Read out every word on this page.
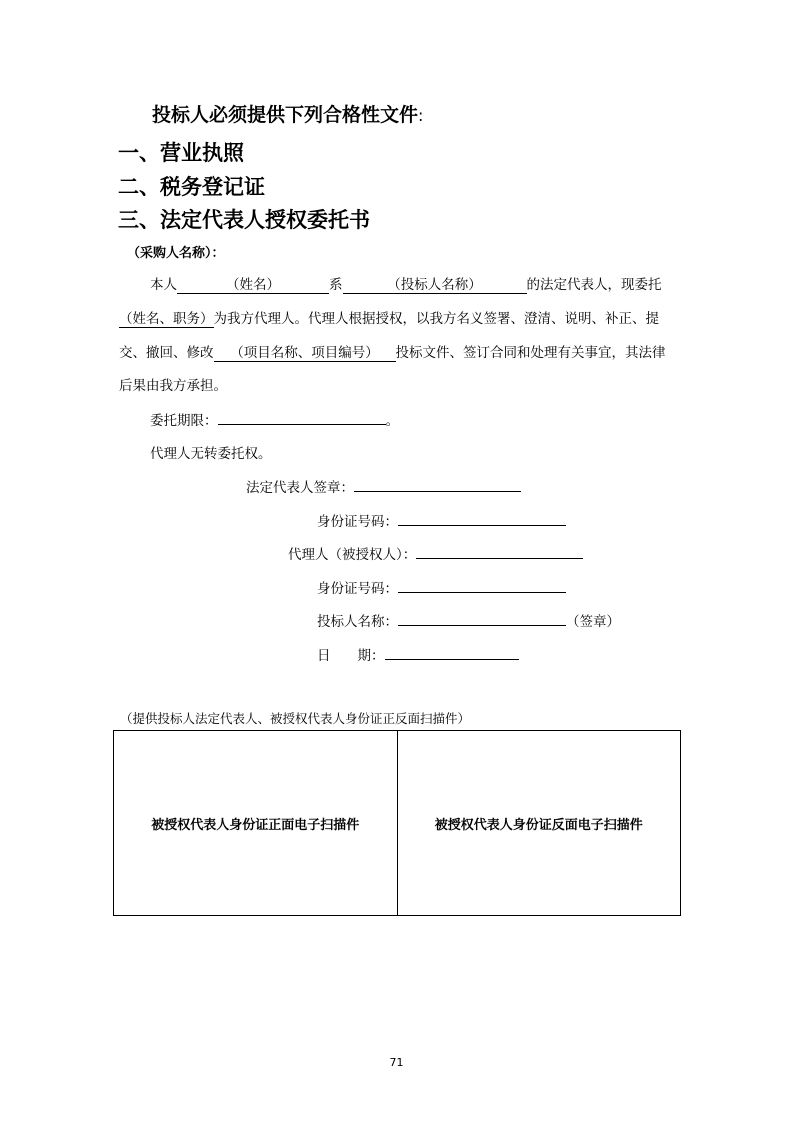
投标人必须提供下列合格性文件:
一、营业执照
二、税务登记证
三、法定代表人授权委托书
（采购人名称）：
本人	（姓名）	系	（投标人名称）	的法定代表人，现委托
（姓名、职务）为我方代理人。代理人根据授权，以我方名义签署、澄清、说明、补正、提
交、撤回、修改 （项目名称、项目编号） 投标文件、签订合同和处理有关事宜，其法律
后果由我方承担。
委托期限：	。
代理人无转委托权。
法定代表人签章：
身份证号码：
代理人（被授权人）：
身份证号码：
投标人名称：	（签章）
日　　期：
（提供投标人法定代表人、被授权代表人身份证正反面扫描件）
被授权代表人身份证正面电子扫描件	被授权代表人身份证反面电子扫描件
71
